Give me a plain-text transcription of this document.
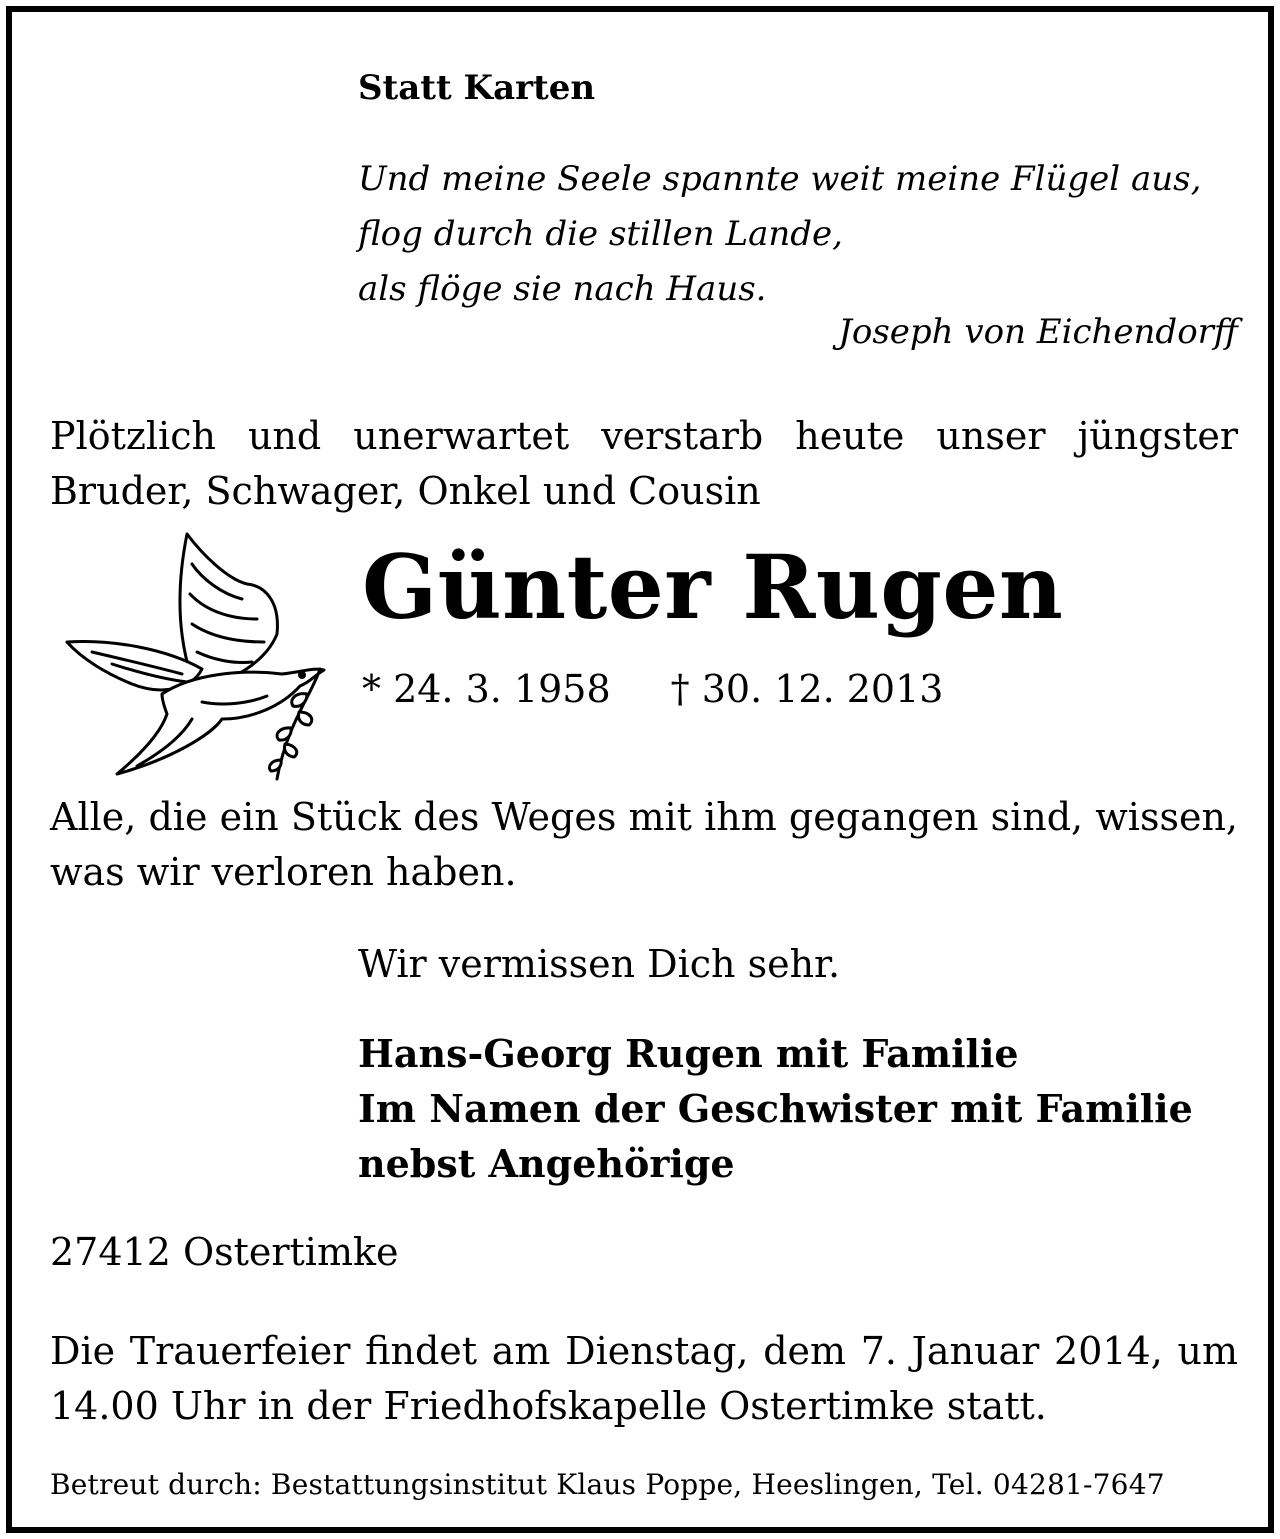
Statt Karten

Und meine Seele spannte weit meine Flügel aus,
flog durch die stillen Lande,
als flöge sie nach Haus.

Joseph von Eichendorff

Plötzlich und unerwartet verstarb heute unser jüngster Bruder, Schwager, Onkel und Cousin

Günter Rugen

* 24. 3. 1958 † 30. 12. 2013

Alle, die ein Stück des Weges mit ihm gegangen sind, wissen, was wir verloren haben.

Wir vermissen Dich sehr.

Hans-Georg Rugen mit Familie
Im Namen der Geschwister mit Familie
nebst Angehörige

27412 Ostertimke

Die Trauerfeier findet am Dienstag, dem 7. Januar 2014, um 14.00 Uhr in der Friedhofskapelle Ostertimke statt.

Betreut durch: Bestattungsinstitut Klaus Poppe, Heeslingen, Tel. 04281-7647
